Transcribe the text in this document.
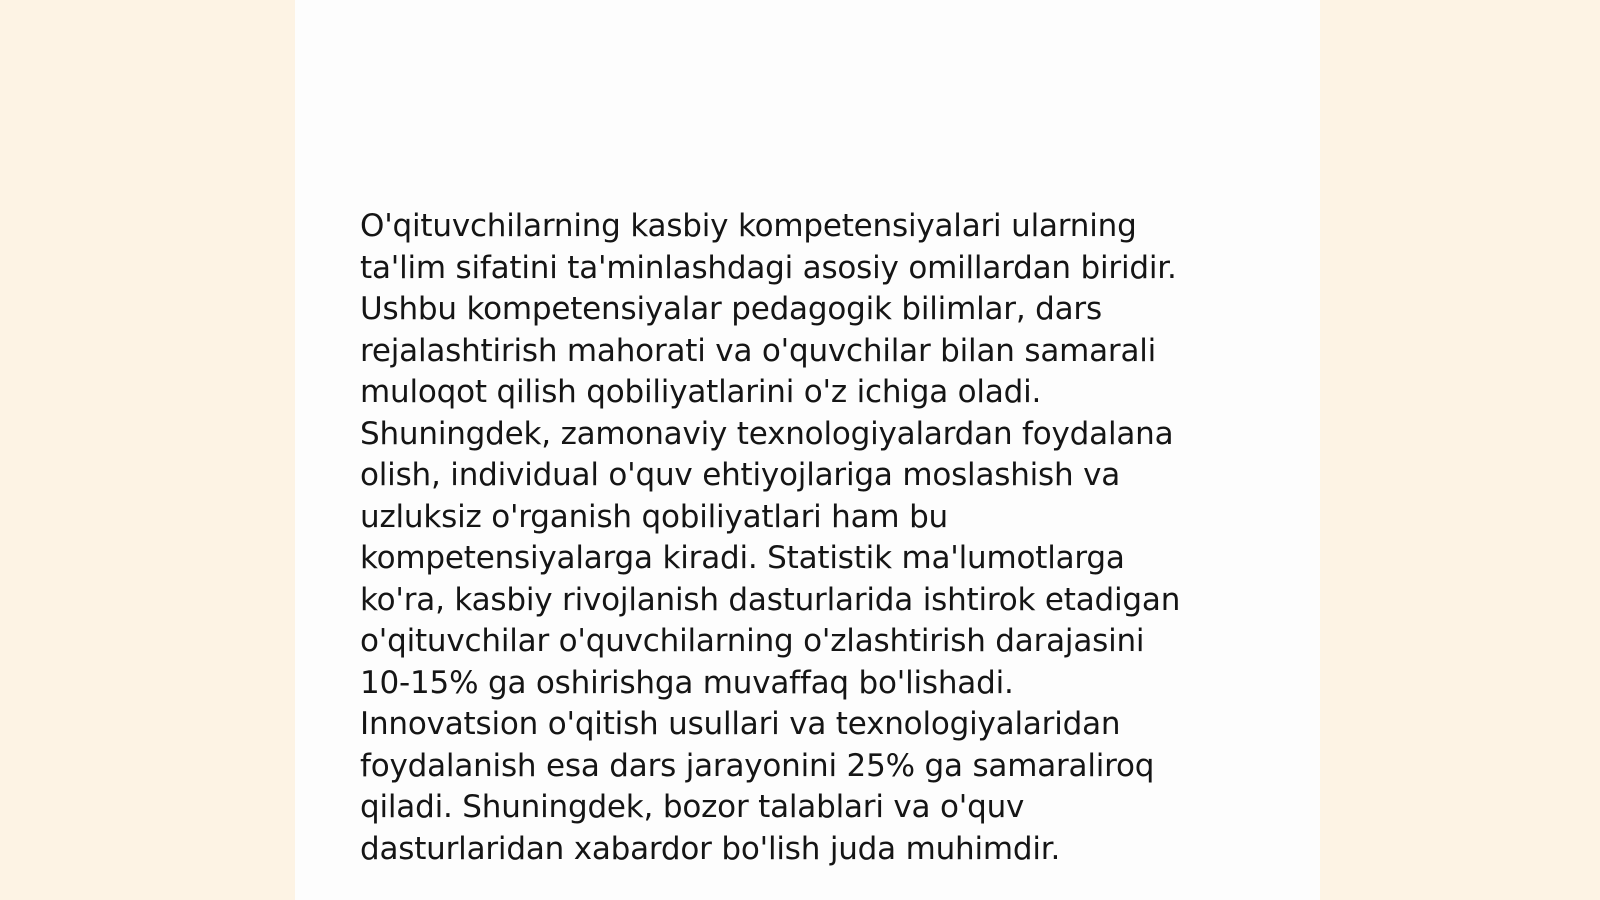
O'qituvchilarning kasbiy kompetensiyalari ularning
ta'lim sifatini ta'minlashdagi asosiy omillardan biridir.
Ushbu kompetensiyalar pedagogik bilimlar, dars
rejalashtirish mahorati va o'quvchilar bilan samarali
muloqot qilish qobiliyatlarini o'z ichiga oladi.
Shuningdek, zamonaviy texnologiyalardan foydalana
olish, individual o'quv ehtiyojlariga moslashish va
uzluksiz o'rganish qobiliyatlari ham bu
kompetensiyalarga kiradi. Statistik ma'lumotlarga
ko'ra, kasbiy rivojlanish dasturlarida ishtirok etadigan
o'qituvchilar o'quvchilarning o'zlashtirish darajasini
10-15% ga oshirishga muvaffaq bo'lishadi.
Innovatsion o'qitish usullari va texnologiyalaridan
foydalanish esa dars jarayonini 25% ga samaraliroq
qiladi. Shuningdek, bozor talablari va o'quv
dasturlaridan xabardor bo'lish juda muhimdir.
